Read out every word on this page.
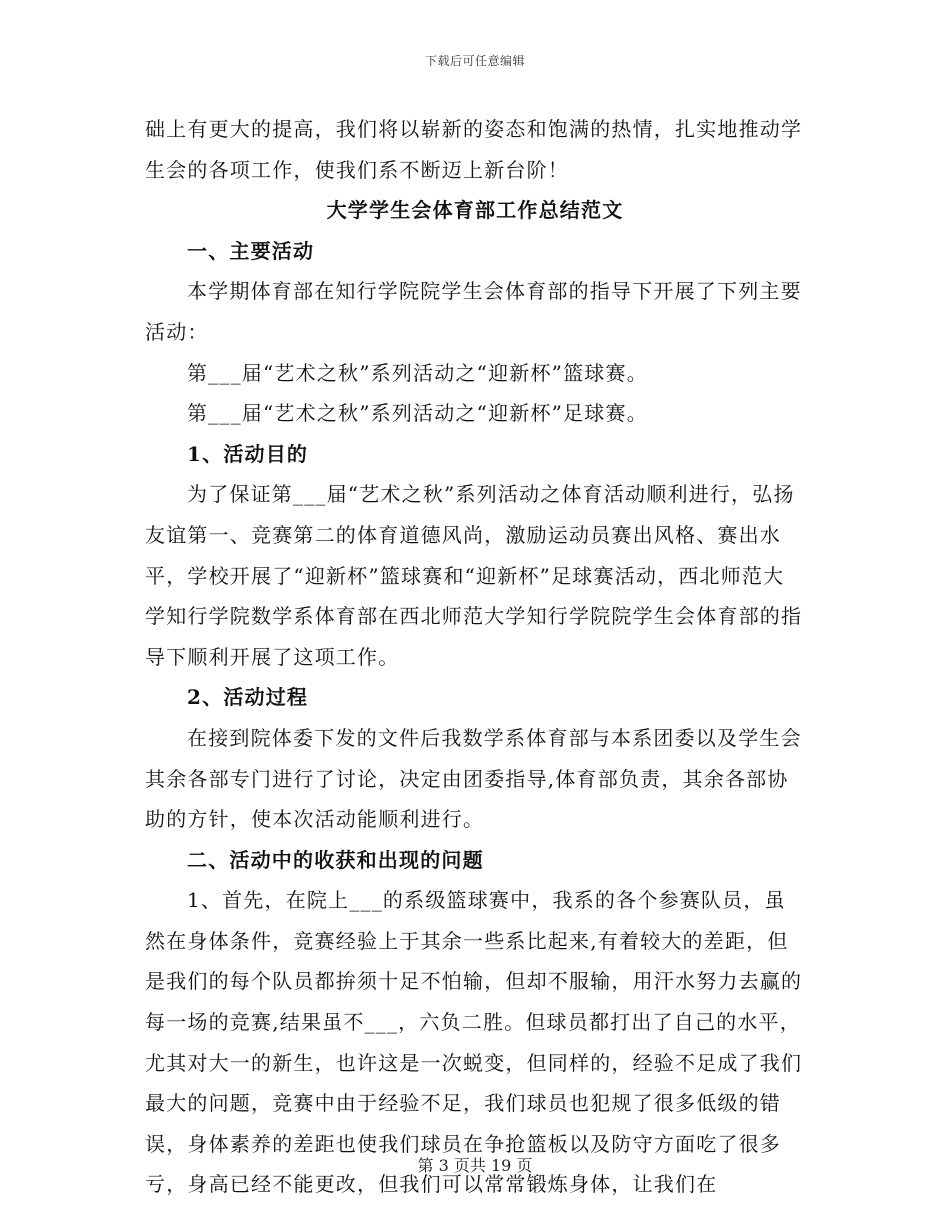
下载后可任意编辑

础上有更大的提高，我们将以崭新的姿态和饱满的热情，扎实地推动学生会的各项工作，使我们系不断迈上新台阶！

大学学生会体育部工作总结范文

一、主要活动

本学期体育部在知行学院院学生会体育部的指导下开展了下列主要活动：

第___届“艺术之秋”系列活动之“迎新杯”篮球赛。

第___届“艺术之秋”系列活动之“迎新杯”足球赛。

1、活动目的

为了保证第___届“艺术之秋”系列活动之体育活动顺利进行，弘扬友谊第一、竞赛第二的体育道德风尚，激励运动员赛出风格、赛出水平，学校开展了“迎新杯”篮球赛和“迎新杯”足球赛活动，西北师范大学知行学院数学系体育部在西北师范大学知行学院院学生会体育部的指导下顺利开展了这项工作。

2、活动过程

在接到院体委下发的文件后我数学系体育部与本系团委以及学生会其余各部专门进行了讨论，决定由团委指导,体育部负责，其余各部协助的方针，使本次活动能顺利进行。

二、活动中的收获和出现的问题

1、首先，在院上___的系级篮球赛中，我系的各个参赛队员，虽然在身体条件，竞赛经验上于其余一些系比起来,有着较大的差距，但是我们的每个队员都拚须十足不怕输，但却不服输，用汗水努力去赢的每一场的竞赛,结果虽不___，六负二胜。但球员都打出了自己的水平，尤其对大一的新生，也许这是一次蜕变，但同样的，经验不足成了我们最大的问题，竞赛中由于经验不足，我们球员也犯规了很多低级的错误，身体素养的差距也使我们球员在争抢篮板以及防守方面吃了很多亏，身高已经不能更改，但我们可以常常锻炼身体，让我们在

第 3 页共 19 页
